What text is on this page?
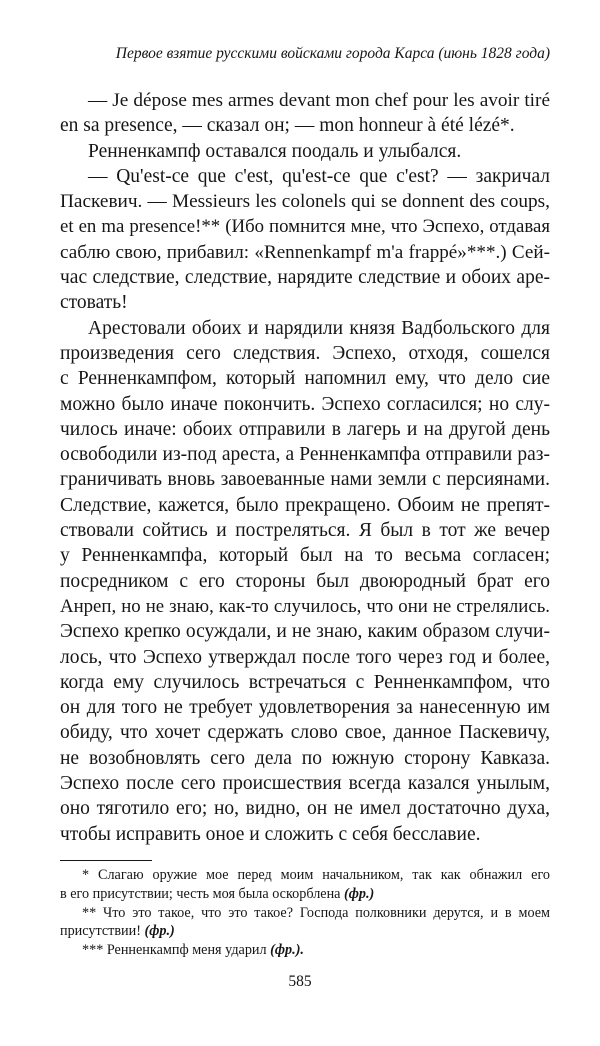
Первое взятие русскими войсками города Карса (июнь 1828 года)

— Je dépose mes armes devant mon chef pour les avoir tiré
en sa presence, — сказал он; — mon honneur à été lézé*.

Ренненкампф оставался поодаль и улыбался.

— Qu'est-ce que c'est, qu'est-ce que c'est? — закричал
Паскевич. — Messieurs les colonels qui se donnent des coups,
et en ma presence!** (Ибо помнится мне, что Эспехо, отдавая
саблю свою, прибавил: «Rennenkampf m'a frappé»***.) Сей-
час следствие, следствие, нарядите следствие и обоих аре-
стовать!

Арестовали обоих и нарядили князя Вадбольского для
произведения сего следствия. Эспехо, отходя, сошелся
с Ренненкампфом, который напомнил ему, что дело сие
можно было иначе покончить. Эспехо согласился; но слу-
чилось иначе: обоих отправили в лагерь и на другой день
освободили из-под ареста, а Ренненкампфа отправили раз-
граничивать вновь завоеванные нами земли с персиянами.
Следствие, кажется, было прекращено. Обоим не препят-
ствовали сойтись и постреляться. Я был в тот же вечер
у Ренненкампфа, который был на то весьма согласен;
посредником с его стороны был двоюродный брат его
Анреп, но не знаю, как-то случилось, что они не стрелялись.
Эспехо крепко осуждали, и не знаю, каким образом случи-
лось, что Эспехо утверждал после того через год и более,
когда ему случилось встречаться с Ренненкампфом, что
он для того не требует удовлетворения за нанесенную им
обиду, что хочет сдержать слово свое, данное Паскевичу,
не возобновлять сего дела по южную сторону Кавказа.
Эспехо после сего происшествия всегда казался унылым,
оно тяготило его; но, видно, он не имел достаточно духа,
чтобы исправить оное и сложить с себя бесславие.

* Слагаю оружие мое перед моим начальником, так как обнажил его
в его присутствии; честь моя была оскорблена (фр.)

** Что это такое, что это такое? Господа полковники дерутся, и в моем
присутствии! (фр.)

*** Ренненкампф меня ударил (фр.).

585
